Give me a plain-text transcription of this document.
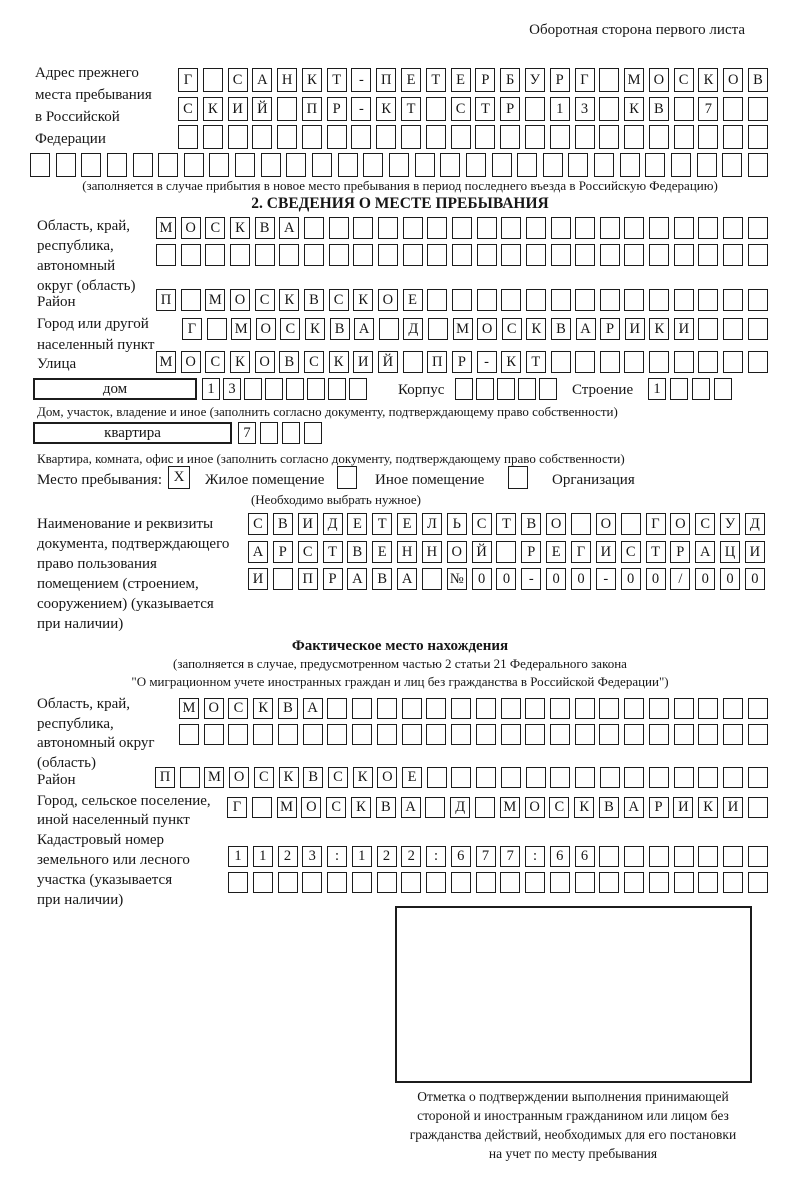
Оборотная сторона первого листа
Адрес прежнего
места пребывания
в Российской
Федерации
Г	С	А Н	К	Т	-	П	Е	Т	Е	Р	Б	У	Р	Г	М О	С	К	О	В
С	К	И Й	П	Р	-	К	Т	С	Т	Р	1	3	К	В	7
(заполняется в случае прибытия в новое место пребывания в период последнего въезда в Российскую Федерацию)
2. СВЕДЕНИЯ О МЕСТЕ ПРЕБЫВАНИЯ
Область, край,
республика,
автономный
округ (область)
М О	С	К	В	А
Район	П	М О	С	К	В	С	К	О	Е
Город или другой
населенный пункт
Г	М О	С	К	В	А	Д	М О	С	К	В	А	Р	И	К	И
Улица	М О	С	К	О	В	С	К	И Й	П	Р	-	К	Т
дом	1 3	Корпус	Строение	1
Дом, участок, владение и иное (заполнить согласно документу, подтверждающему право собственности)
квартира	7
Квартира, комната, офис и иное (заполнить согласно документу, подтверждающему право собственности)
Место пребывания: X	Жилое помещение	Иное помещение	Организация
(Необходимо выбрать нужное)
Наименование и реквизиты
документа, подтверждающего
право пользования
помещением (строением,
сооружением) (указывается
при наличии)
С	В	И	Д	Е	Т	Е	Л	Ь	С	Т	В	О	О	Г	О	С	У	Д
А	Р	С	Т	В	Е	Н Н О Й	Р	Е	Г	И	С	Т	Р	А Ц И
И	П	Р	А	В	А	№ 0	0	-	0	0	-	0	0	/	0	0	0
Фактическое место нахождения
(заполняется в случае, предусмотренном частью 2 статьи 21 Федерального закона
"О миграционном учете иностранных граждан и лиц без гражданства в Российской Федерации")
Область, край,
республика,
автономный округ
(область)
М О	С	К	В	А
Район	П	М О	С	К	В	С	К	О	Е
Город, сельское поселение,
иной населенный пункт
Г	М О	С	К	В	А	Д	М О	С	К	В	А	Р	И	К	И
Кадастровый номер
земельного или лесного
участка (указывается
при наличии)
1	1	2	3	:	1	2	2	:	6	7	7	:	6	6
Отметка о подтверждении выполнения принимающей
стороной и иностранным гражданином или лицом без
гражданства действий, необходимых для его постановки
на учет по месту пребывания
